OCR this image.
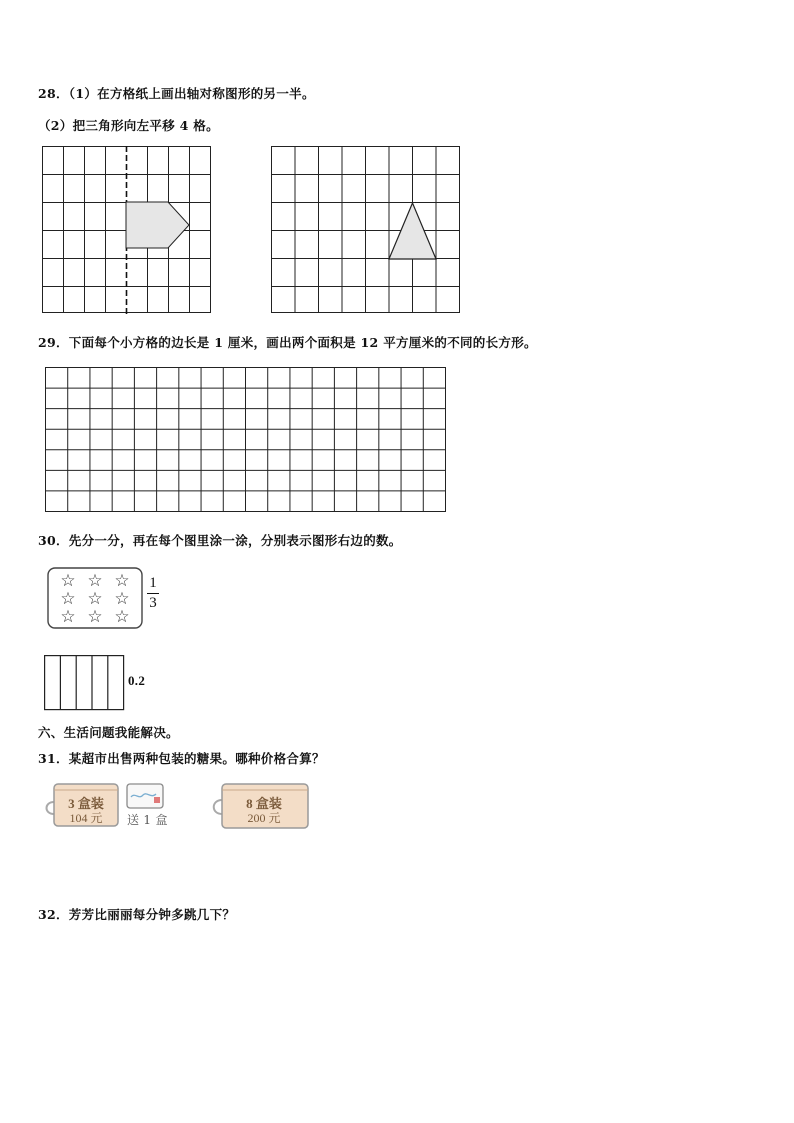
28．（1）在方格纸上画出轴对称图形的另一半。
（2）把三角形向左平移 4 格。
29．下面每个小方格的边长是 1 厘米，画出两个面积是 12 平方厘米的不同的长方形。
30．先分一分，再在每个图里涂一涂，分别表示图形右边的数。
☆ ☆ ☆
☆ ☆ ☆
☆ ☆ ☆
1
3
0.2
六、生活问题我能解决。
31．某超市出售两种包装的糖果。哪种价格合算？
3 盒装
104 元 送 1 盒
8 盒装
200 元
32．芳芳比丽丽每分钟多跳几下？
